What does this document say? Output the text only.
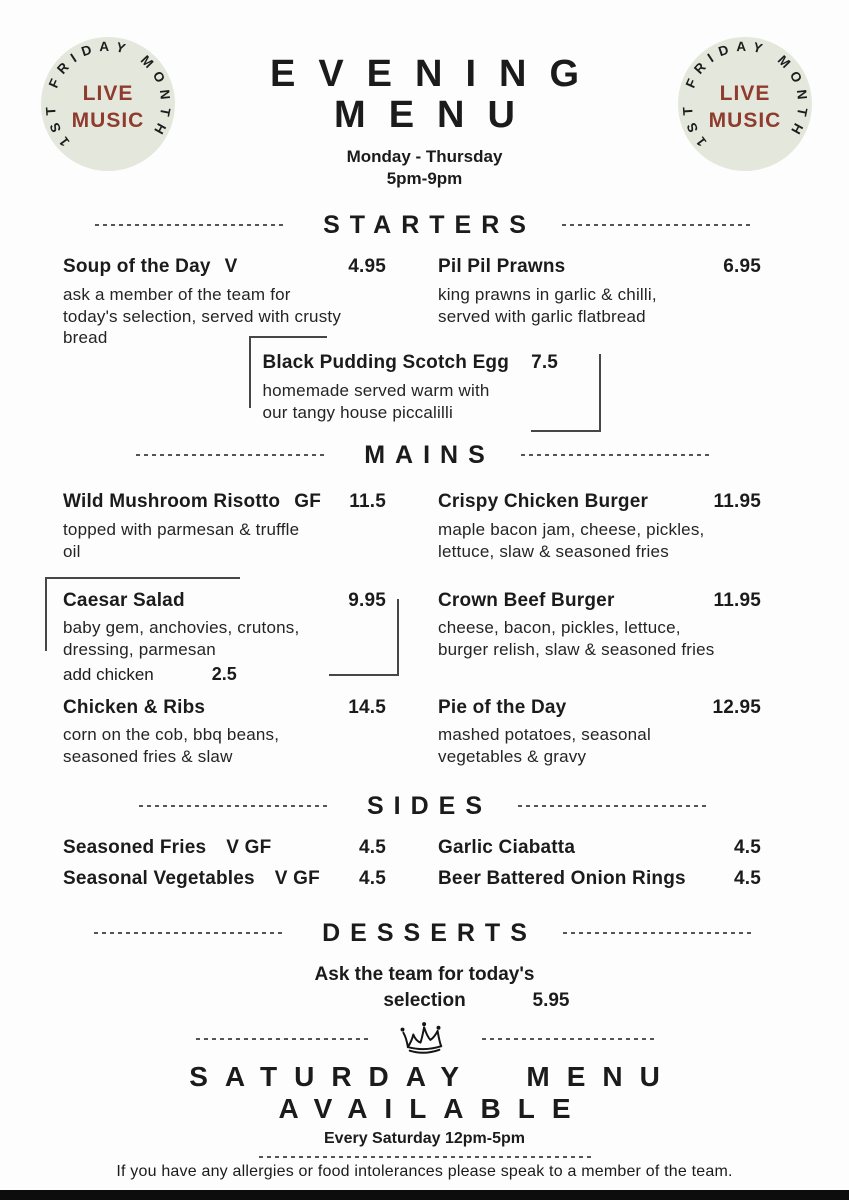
1ST FRIDAY MONTH
LIVE
MUSIC
1ST FRIDAY MONTH
LIVE
MUSIC
EVENING
MENU
Monday - Thursday
5pm-9pm
STARTERS
Soup of the Day V	4.95
ask a member of the team for
today's selection, served with crusty
bread
Pil Pil Prawns	6.95
king prawns in garlic & chilli,
served with garlic flatbread
Black Pudding Scotch Egg 7.5
homemade served warm with
our tangy house piccalilli
MAINS
Wild Mushroom Risotto GF 11.5
topped with parmesan & truffle
oil
Crispy Chicken Burger	11.95
maple bacon jam, cheese, pickles,
lettuce, slaw & seasoned fries
Caesar Salad	9.95
baby gem, anchovies, crutons,
dressing, parmesan
add chicken	2.5
Crown Beef Burger	11.95
cheese, bacon, pickles, lettuce,
burger relish, slaw & seasoned fries
Chicken & Ribs	14.5
corn on the cob, bbq beans,
seasoned fries & slaw
Pie of the Day	12.95
mashed potatoes, seasonal
vegetables & gravy
SIDES
Seasoned Fries V GF	4.5	Garlic Ciabatta	4.5
Seasonal Vegetables V GF 4.5	Beer Battered Onion Rings	4.5
DESSERTS
Ask the team for today's
selection	5.95
SATURDAY MENU
AVAILABLE
Every Saturday 12pm-5pm
If you have any allergies or food intolerances please speak to a member of the team.
